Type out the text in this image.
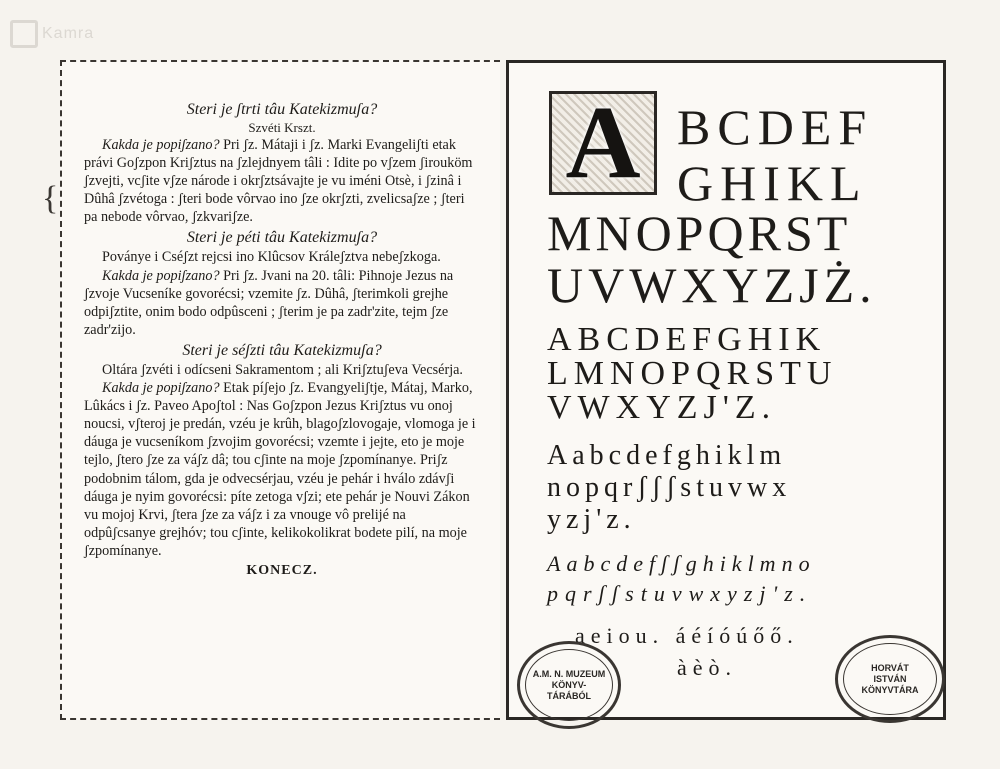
Kamra
{

Steri je ʃtrti tâu Katekizmuʃa?

Szvéti Krszt.

Kakda je popiʃzano? Pri ʃz. Mátaji i ʃz. Marki Evangeliʃti etak právi Goʃzpon Kriʃztus na ʃzlejdnyem tâli : Idite po vʃzem ʃirouköm ʃzvejti, vcʃite vʃze národe i okrʃztsávajte je vu iméni Otsè, i ʃzinâ i Dûhâ ʃzvétoga : ʃteri bode vôrvao ino ʃze okrʃzti, zvelicsaʃze ; ʃteri pa nebode vôrvao, ʃzkvariʃze.

Steri je péti tâu Katekizmuʃa?

Poványe i Cséʃzt rejcsi ino Klûcsov Králeʃztva nebeʃzkoga.

Kakda je popiʃzano? Pri ʃz. Jvani na 20. tâli: Pihnoje Jezus na ʃzvoje Vucseníke govorécsi; vzemite ʃz. Dûhâ, ʃterimkoli grejhe odpiʃztite, onim bodo odpûsceni ; ʃterim je pa zadr'zite, tejm ʃze zadr'zijo.

Steri je séʃzti tâu Katekizmuʃa?

Oltára ʃzvéti i odícseni Sakramentom ; ali Kriʃztuʃeva Vecsérja.

Kakda je popiʃzano? Etak píʃejo ʃz. Evangyeliʃtje, Mátaj, Marko, Lûkács i ʃz. Paveo Apoʃtol : Nas Goʃzpon Jezus Kriʃztus vu onoj noucsi, vʃteroj je predán, vzéu je krûh, blagoʃzlovogaje, vlomoga je i dáuga je vucseníkom ʃzvojim govorécsi; vzemte i jejte, eto je moje tejlo, ʃtero ʃze za váʃz dâ; tou cʃinte na moje ʃzpomínanye. Priʃz podobnim tálom, gda je odvecsérjau, vzéu je pehár i hválo zdávʃi dáuga je nyim govorécsi: píte zetoga vʃzi; ete pehár je Nouvi Zákon vu mojoj Krvi, ʃtera ʃze za váʃz i za vnouge vô prelijé na odpûʃcsanye grejhóv; tou cʃinte, kelikokolikrat bodete pilí, na moje ʃzpomínanye.

KONECZ.

A BCDEF
GHIKL
MNOPQRST
UVWXYZJŻ.
ABCDEFGHIK
LMNOPQRSTU
VWXYZJ'Z.
Aabcdefghiklm
nopqrʃʃʃstuvwx
yzj'z.
Aabcdefʃʃghiklmno
pqrʃʃstuvwxyzj'z.
aeiou. áéíóúőő.
àèò.
A.M. N. MUZEUM
KÖNYV-
TÁRÁBÓL
HORVÁT
ISTVÁN
KÖNYVTÁRA
